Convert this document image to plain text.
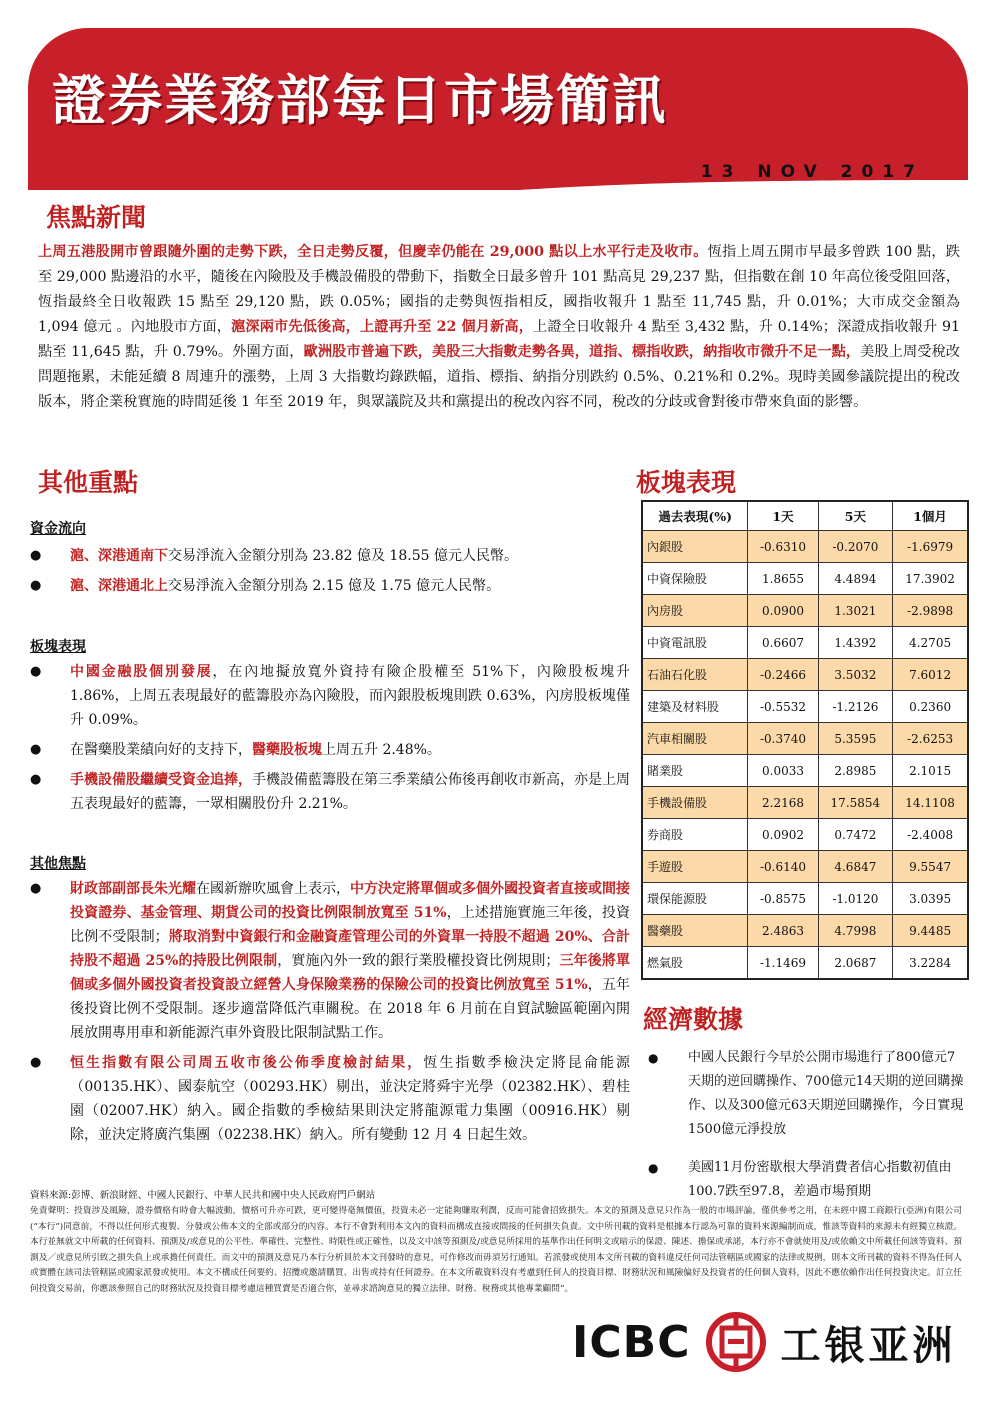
證券業務部每日市場簡訊
13 NOV 2017
焦點新聞
上周五港股開市曾跟隨外圍的走勢下跌，全日走勢反覆，但慶幸仍能在 29,000 點以上水平行走及收市。恆指上周五開市早最多曾跌 100 點，跌至 29,000 點邊沿的水平，隨後在內險股及手機設備股的帶動下，指數全日最多曾升 101 點高見 29,237 點，但指數在創 10 年高位後受阻回落，恆指最終全日收報跌 15 點至 29,120 點，跌 0.05%；國指的走勢與恆指相反，國指收報升 1 點至 11,745 點，升 0.01%；大市成交金額為 1,094 億元 。內地股市方面，滬深兩市先低後高，上證再升至 22 個月新高，上證全日收報升 4 點至 3,432 點，升 0.14%；深證成指收報升 91 點至 11,645 點，升 0.79%。外圍方面，歐洲股市普遍下跌，美股三大指數走勢各異，道指、標指收跌，納指收市微升不足一點，美股上周受稅改問題拖累，未能延續 8 周連升的漲勢，上周 3 大指數均錄跌幅，道指、標指、納指分別跌約 0.5%、0.21%和 0.2%。現時美國參議院提出的稅改版本，將企業稅實施的時間延後 1 年至 2019 年，與眾議院及共和黨提出的稅改內容不同，稅改的分歧或會對後市帶來負面的影響。
其他重點
資金流向
● 滬、深港通南下交易淨流入金額分別為 23.82 億及 18.55 億元人民幣。
● 滬、深港通北上交易淨流入金額分別為 2.15 億及 1.75 億元人民幣。
板塊表現
● 中國金融股個別發展，在內地擬放寬外資持有險企股權至 51%下，內險股板塊升 1.86%，上周五表現最好的藍籌股亦為內險股，而內銀股板塊則跌 0.63%，內房股板塊僅升 0.09%。
● 在醫藥股業績向好的支持下，醫藥股板塊上周五升 2.48%。
● 手機設備股繼續受資金追捧，手機設備藍籌股在第三季業績公佈後再創收市新高，亦是上周五表現最好的藍籌，一眾相關股份升 2.21%。
其他焦點
● 財政部副部長朱光耀在國新辦吹風會上表示，中方決定將單個或多個外國投資者直接或間接投資證券、基金管理、期貨公司的投資比例限制放寬至 51%，上述措施實施三年後，投資比例不受限制；將取消對中資銀行和金融資產管理公司的外資單一持股不超過 20%、合計持股不超過 25%的持股比例限制，實施內外一致的銀行業股權投資比例規則；三年後將單個或多個外國投資者投資設立經營人身保險業務的保險公司的投資比例放寬至 51%，五年後投資比例不受限制。逐步適當降低汽車關稅。在 2018 年 6 月前在自貿試驗區範圍內開展放開專用車和新能源汽車外資股比限制試點工作。
● 恒生指數有限公司周五收市後公佈季度檢討結果，恆生指數季檢決定將昆侖能源（00135.HK）、國泰航空（00293.HK）剔出，並決定將舜宇光學（02382.HK）、碧桂園（02007.HK）納入。國企指數的季檢結果則決定將龍源電力集團（00916.HK）剔除，並決定將廣汽集團（02238.HK）納入。所有變動 12 月 4 日起生效。
板塊表現
過去表現(%)	1天	5天	1個月
內銀股	-0.6310	-0.2070	-1.6979
中資保險股	1.8655	4.4894	17.3902
內房股	0.0900	1.3021	-2.9898
中資電訊股	0.6607	1.4392	4.2705
石油石化股	-0.2466	3.5032	7.6012
建築及材料股	-0.5532	-1.2126	0.2360
汽車相關股	-0.3740	5.3595	-2.6253
賭業股	0.0033	2.8985	2.1015
手機設備股	2.2168	17.5854	14.1108
券商股	0.0902	0.7472	-2.4008
手遊股	-0.6140	4.6847	9.5547
環保能源股	-0.8575	-1.0120	3.0395
醫藥股	2.4863	4.7998	9.4485
燃氣股	-1.1469	2.0687	3.2284
經濟數據
● 中國人民銀行今早於公開市場進行了800億元7天期的逆回購操作、700億元14天期的逆回購操作、以及300億元63天期逆回購操作，今日實現1500億元淨投放
● 美國11月份密歇根大學消費者信心指數初值由100.7跌至97.8，差過市場預期
資料來源:彭博、新浪財經、中國人民銀行、中華人民共和國中央人民政府門戶網站
免責聲明：投資涉及風險，證券價格有時會大幅波動，價格可升亦可跌，更可變得毫無價值，投資未必一定能夠賺取利潤，反而可能會招致損失。本文的預測及意見只作為一般的市場評論，僅供參考之用，在未經中國工商銀行(亞洲)有限公司(“本行”)同意前，不得以任何形式複製、分發或公佈本文的全部或部分的內容。本行不會對利用本文內的資料而構成直接或間接的任何損失負責。文中所刊載的資料是根據本行認為可靠的資料來源編制而成，惟該等資料的來源未有經獨立核證。本行並無就文中所載的任何資料、預測及/或意見的公平性、準確性、完整性、時限性或正確性，以及文中該等預測及/或意見所採用的基準作出任何明文或暗示的保證、陳述、擔保或承諾，本行亦不會就使用及/或依賴文中所載任何該等資料、預測及／或意見所引致之損失負上或承擔任何責任。而文中的預測及意見乃本行分析員於本文刊發時的意見，可作修改而毋須另行通知。若派發或使用本文所刊載的資料違反任何司法管轄區或國家的法律或規例，則本文所刊載的資料不得為任何人或實體在該司法管轄區或國家派發或使用。本文不構成任何要約、招攬或邀請購買、出售或持有任何證券。在本文所載資料沒有考慮到任何人的投資目標、財務狀況和風險偏好及投資者的任何個人資料，因此不應依賴作出任何投資決定。訂立任何投資交易前，你應該參照自己的財務狀況及投資目標考慮這種買賣是否適合你，並尋求諮詢意見的獨立法律、財務、稅務或其他專業顧問”。
ICBC 工银亚洲
